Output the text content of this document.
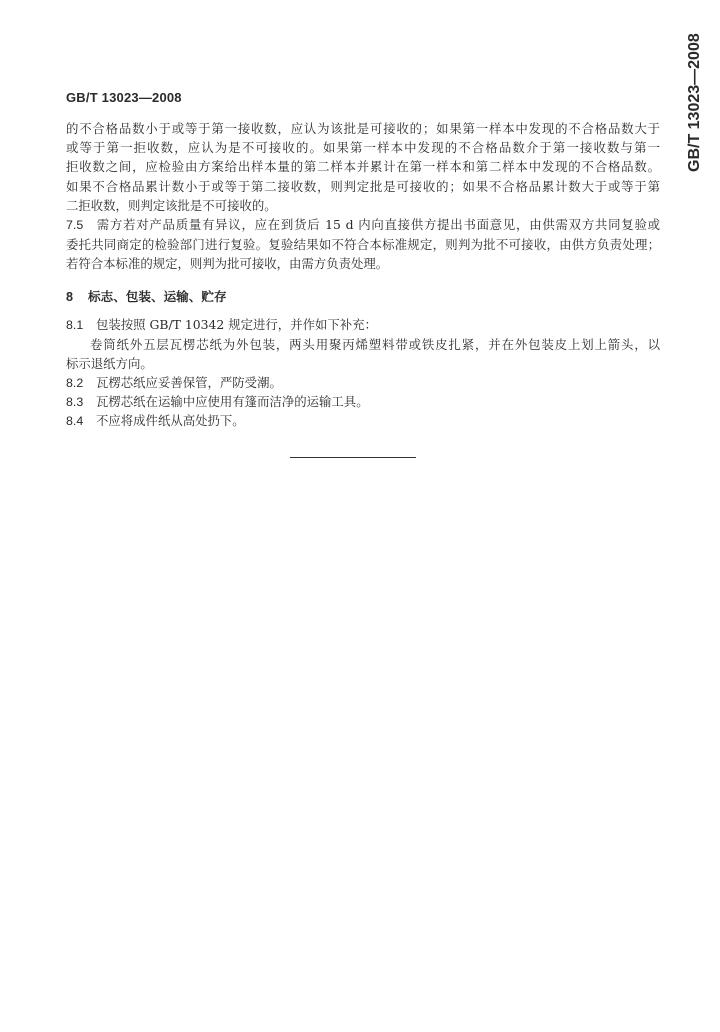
GB/T 13023—2008	GB/T 13023—2008

的不合格品数小于或等于第一接收数，应认为该批是可接收的；如果第一样本中发现的不合格品数大于

或等于第一拒收数，应认为是不可接收的。如果第一样本中发现的不合格品数介于第一接收数与第一

拒收数之间，应检验由方案给出样本量的第二样本并累计在第一样本和第二样本中发现的不合格品数。

如果不合格品累计数小于或等于第二接收数，则判定批是可接收的；如果不合格品累计数大于或等于第

二拒收数，则判定该批是不可接收的。

7.5 需方若对产品质量有异议，应在到货后 15 d 内向直接供方提出书面意见，由供需双方共同复验或
委托共同商定的检验部门进行复验。复验结果如不符合本标准规定，则判为批不可接收，由供方负责处理；
若符合本标准的规定，则判为批可接收，由需方负责处理。
8 标志、包装、运输、贮存
8.1 包装按照 GB/T 10342 规定进行，并作如下补充：
卷筒纸外五层瓦楞芯纸为外包装，两头用聚丙烯塑料带或铁皮扎紧，并在外包装皮上划上箭头，以
标示退纸方向。
8.2 瓦楞芯纸应妥善保管，严防受潮。
8.3 瓦楞芯纸在运输中应使用有篷而洁净的运输工具。
8.4 不应将成件纸从高处扔下。
